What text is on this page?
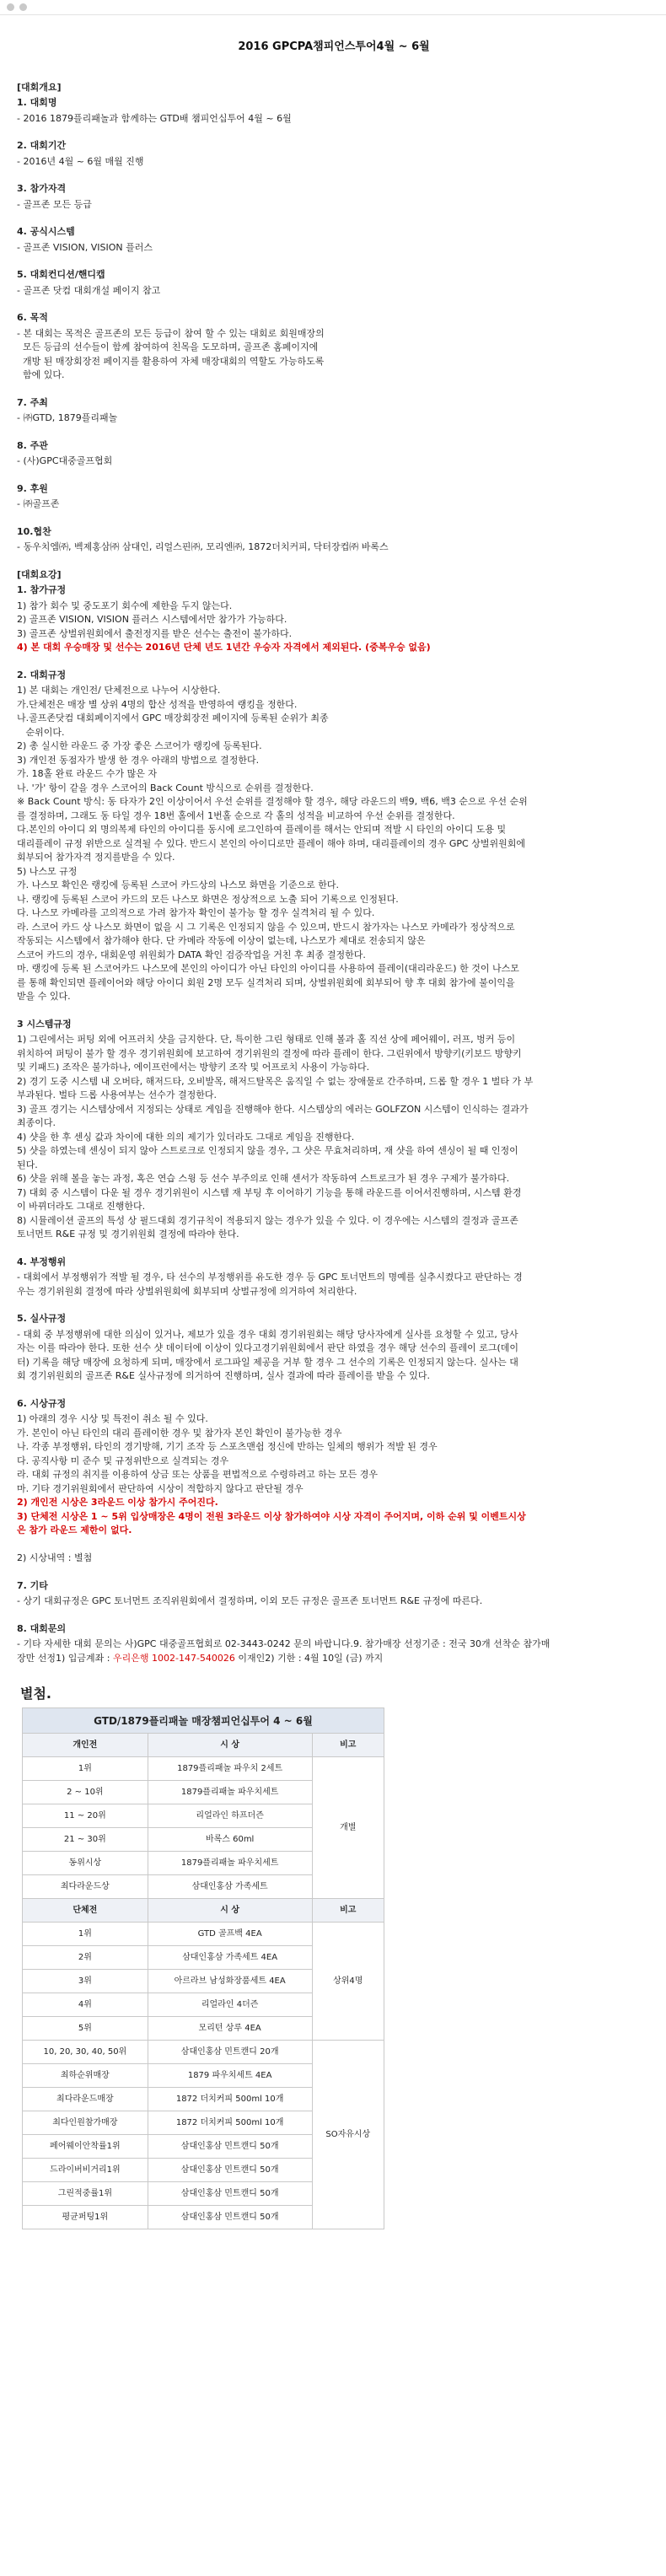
2016 GPCPA챔피언스투어4월 ~ 6월
[대회개요]
1. 대회명

- 2016 1879플리패놀과 함께하는 GTD배 챔피언십투어 4월 ~ 6월

2. 대회기간

- 2016년 4월 ~ 6월 매월 진행

3. 참가자격

- 골프존 모든 등급

4. 공식시스템

- 골프존 VISION, VISION 플러스

5. 대회컨디션/핸디캡

- 골프존 닷컴 대회개설 페이지 참고

6. 목적

- 본 대회는 목적은 골프존의 모든 등급이 참여 할 수 있는 대회로 회원매장의

모든 등급의 선수들이 함께 참여하여 친목을 도모하며, 골프존 홈페이지에

개방 된 매장회장전 페이지를 활용하여 자체 매장대회의 역할도 가능하도록

함에 있다.

7. 주최

- ㈜GTD, 1879플리패놀

8. 주관

- (사)GPC대중골프협회

9. 후원

- ㈜골프존

10.협찬

- 동우치엠㈜, 벡제홍삼㈜ 삼대인, 리얼스핀㈜, 모리엔㈜, 1872더치커피, 닥터장컵㈜ 바록스

[대회요강]
1. 참가규정

1) 참가 회수 및 중도포기 회수에 제한을 두지 않는다.

2) 골프존 VISION, VISION 플러스 시스템에서만 참가가 가능하다.

3) 골프존 상벌위원회에서 출전정지를 받은 선수는 출전이 불가하다.

4) 본 대회 우승매장 및 선수는 2016년 단체 년도 1년간 우승자 자격에서 제외된다. (중복우승 없음)

2. 대회규정

1) 본 대회는 개인전/ 단체전으로 나누어 시상한다.

가.단체전은 매장 별 상위 4명의 합산 성적을 반영하여 랭킹을 정한다.

나.골프존닷컴 대회페이지에서 GPC 매장회장전 페이지에 등록된 순위가 최종

순위이다.

2) 총 실시한 라운드 중 가장 좋은 스코어가 랭킹에 등록된다.

3) 개인전 동점자가 발생 한 경우 아래의 방법으로 결정한다.

가. 18홀 완료 라운드 수가 많은 자

나. '가' 항이 같을 경우 스코어의 Back Count 방식으로 순위를 결정한다.

※ Back Count 방식: 동 타자가 2인 이상이어서 우선 순위를 결정해야 할 경우, 해당 라운드의 백9, 백6, 백3 순으로 우선 순위

를 결정하며, 그래도 동 타일 경우 18번 홀에서 1번홀 순으로 각 홀의 성적을 비교하여 우선 순위를 결정한다.

다.본인의 아이디 외 명의복제 타인의 아이디를 동시에 로그인하여 플레이를 해서는 안되며 적발 시 타인의 아이디 도용 및

대리플레이 규정 위반으로 실격될 수 있다. 반드시 본인의 아이디로만 플레이 해야 하며, 대리플레이의 경우 GPC 상벌위원회에

회부되어 참가자격 정지를받을 수 있다.

5) 나스모 규정

가. 나스모 확인은 랭킹에 등록된 스코어 카드상의 나스모 화면을 기준으로 한다.

나. 랭킹에 등록된 스코어 카드의 모든 나스모 화면은 정상적으로 노출 되어 기록으로 인정된다.

다. 나스모 카메라를 고의적으로 가려 참가자 확인이 불가능 할 경우 실격처리 될 수 있다.

라. 스코어 카드 상 나스모 화면이 없을 시 그 기록은 인정되지 않을 수 있으며, 반드시 참가자는 나스모 카메라가 정상적으로

작동되는 시스템에서 참가해야 한다. 단 카메라 작동에 이상이 없는데, 나스모가 제대로 전송되지 않은

스코어 카드의 경우, 대회운영 위원회가 DATA 확인 검증작업을 거친 후 최종 결정한다.

마. 랭킹에 등록 된 스코어카드 나스모에 본인의 아이디가 아닌 타인의 아이디를 사용하여 플레이(대리라운드) 한 것이 나스모

를 통해 확인되면 플레이어와 해당 아이디 회원 2명 모두 실격처리 되며, 상벌위원회에 회부되어 향 후 대회 참가에 불이익을

받을 수 있다.

3 시스템규정

1) 그린에서는 퍼팅 외에 어프러치 샷을 금지한다. 단, 특이한 그린 형태로 인해 볼과 홀 직선 상에 페어웨이, 러프, 벙커 등이

위치하여 퍼팅이 불가 할 경우 경기위원회에 보고하여 경기위원의 결정에 따라 플레이 한다. 그린위에서 방향키(키보드 방향키

및 키패드) 조작은 불가하나, 에이프런에서는 방향키 조작 및 어프로치 사용이 가능하다.

2) 경기 도중 시스템 내 오버타, 해저드타, 오비발목, 해저드탈목은 움직일 수 없는 장애물로 간주하며, 드롭 할 경우 1 벌타 가 부

부과된다. 벌타 드롭 사용여부는 선수가 결정한다.

3) 골프 경기는 시스템상에서 지정되는 상태로 게임을 진행해야 한다. 시스템상의 에러는 GOLFZON 시스템이 인식하는 결과가

최종이다.

4) 샷을 한 후 센싱 값과 차이에 대한 의의 제기가 있더라도 그대로 게임을 진행한다.

5) 샷을 하였는데 센싱이 되지 않아 스트로크로 인정되지 않을 경우, 그 샷은 무효처리하며, 재 샷을 하여 센싱이 될 때 인정이

된다.

6) 샷을 위해 볼을 놓는 과정, 혹은 연습 스윙 등 선수 부주의로 인해 센서가 작동하여 스트로크가 된 경우 구제가 불가하다.

7) 대회 중 시스템이 다운 될 경우 경기위원이 시스템 재 부팅 후 이어하기 기능을 통해 라운드를 이어서진행하며, 시스템 환경

이 바뀌더라도 그대로 진행한다.

8) 시뮬레이션 골프의 특성 상 필드대회 경기규칙이 적용되지 않는 경우가 있을 수 있다. 이 경우에는 시스템의 결정과 골프존

토너먼트 R&E 규정 및 경기위원회 결정에 따라야 한다.

4. 부정행위

- 대회에서 부정행위가 적발 될 경우, 타 선수의 부정행위를 유도한 경우 등 GPC 토너먼트의 명예를 실추시켰다고 판단하는 경

우는 경기위원회 결정에 따라 상벌위원회에 회부되며 상벌규정에 의거하여 처리한다.

5. 실사규정

- 대회 중 부정행위에 대한 의심이 있거나, 제보가 있을 경우 대회 경기위원회는 해당 당사자에게 실사를 요청할 수 있고, 당사

자는 이를 따라야 한다. 또한 선수 샷 데이터에 이상이 있다고경기위원회에서 판단 하였을 경우 해당 선수의 플레이 로그(데이

터) 기록을 해당 매장에 요청하게 되며, 매장에서 로그파일 제공을 거부 할 경우 그 선수의 기록은 인정되지 않는다. 실사는 대

회 경기위원회의 골프존 R&E 실사규정에 의거하여 진행하며, 실사 결과에 따라 플레이를 받을 수 있다.

6. 시상규정

1) 아래의 경우 시상 및 특전이 취소 될 수 있다.

가. 본인이 아닌 타인의 대리 플레이한 경우 및 참가자 본인 확인이 불가능한 경우

나. 각종 부정행위, 타인의 경기방해, 기기 조작 등 스포츠맨쉽 정신에 반하는 일체의 행위가 적발 된 경우

다. 공직사항 미 준수 및 규정위반으로 실격되는 경우

라. 대회 규정의 취지를 이용하여 상금 또는 상품을 편법적으로 수령하려고 하는 모든 경우

마. 기타 경기위원회에서 판단하여 시상이 적합하지 않다고 판단될 경우

2) 개인전 시상은 3라운드 이상 참가시 주어진다.

3) 단체전 시상은 1 ~ 5위 입상매장은 4명이 전원 3라운드 이상 참가하여야 시상 자격이 주어지며, 이하 순위 및 이벤트시상

은 참가 라운드 제한이 없다.

2) 시상내역 : 별첨

7. 기타

- 상기 대회규정은 GPC 토너먼트 조직위원회에서 결정하며, 이외 모든 규정은 골프존 토너먼트 R&E 규정에 따른다.

8. 대회문의

- 기타 자세한 대회 문의는 사)GPC 대중골프협회로 02-3443-0242 문의 바랍니다.9. 참가매장 선정기준 : 전국 30개 선착순 참가매

장만 선정1) 입금계좌 : 우리은행 1002-147-540026 이재인2) 기한 : 4월 10일 (금) 까지

별첨.
GTD/1879플리패놀 매장챔피언십투어 4 ~ 6월		
개인전	시 상	비고
1위	1879플리패놀 파우치 2세트	개별
2 ~ 10위	1879플리패놀 파우치세트	
11 ~ 20위	리얼라인 하프더즌	
21 ~ 30위	바록스 60ml	
동위시상	1879플리패놀 파우치세트	
최다라운드상	삼대인홍삼 가족세트	
단체전	시 상	비고
1위	GTD 골프백 4EA	상위4명
2위	삼대인홍삼 가족세트 4EA	
3위	아르라브 남성화장품세트 4EA	
4위	리얼라인 4더즌	
5위	모리턴 상루 4EA	
10, 20, 30, 40, 50위	삼대인홍삼 민트캔디 20개	SO자유시상
최하순위매장	1879 파우치세트 4EA	
최다라운드매장	1872 더치커피 500ml 10개	
최다인원참가매장	1872 더치커피 500ml 10개	
페어웨이안착률1위	삼대인홍삼 민트캔디 50개	
드라이버비거리1위	삼대인홍삼 민트캔디 50개	
그린적중률1위	삼대인홍삼 민트캔디 50개	
평균퍼팅1위	삼대인홍삼 민트캔디 50개	
